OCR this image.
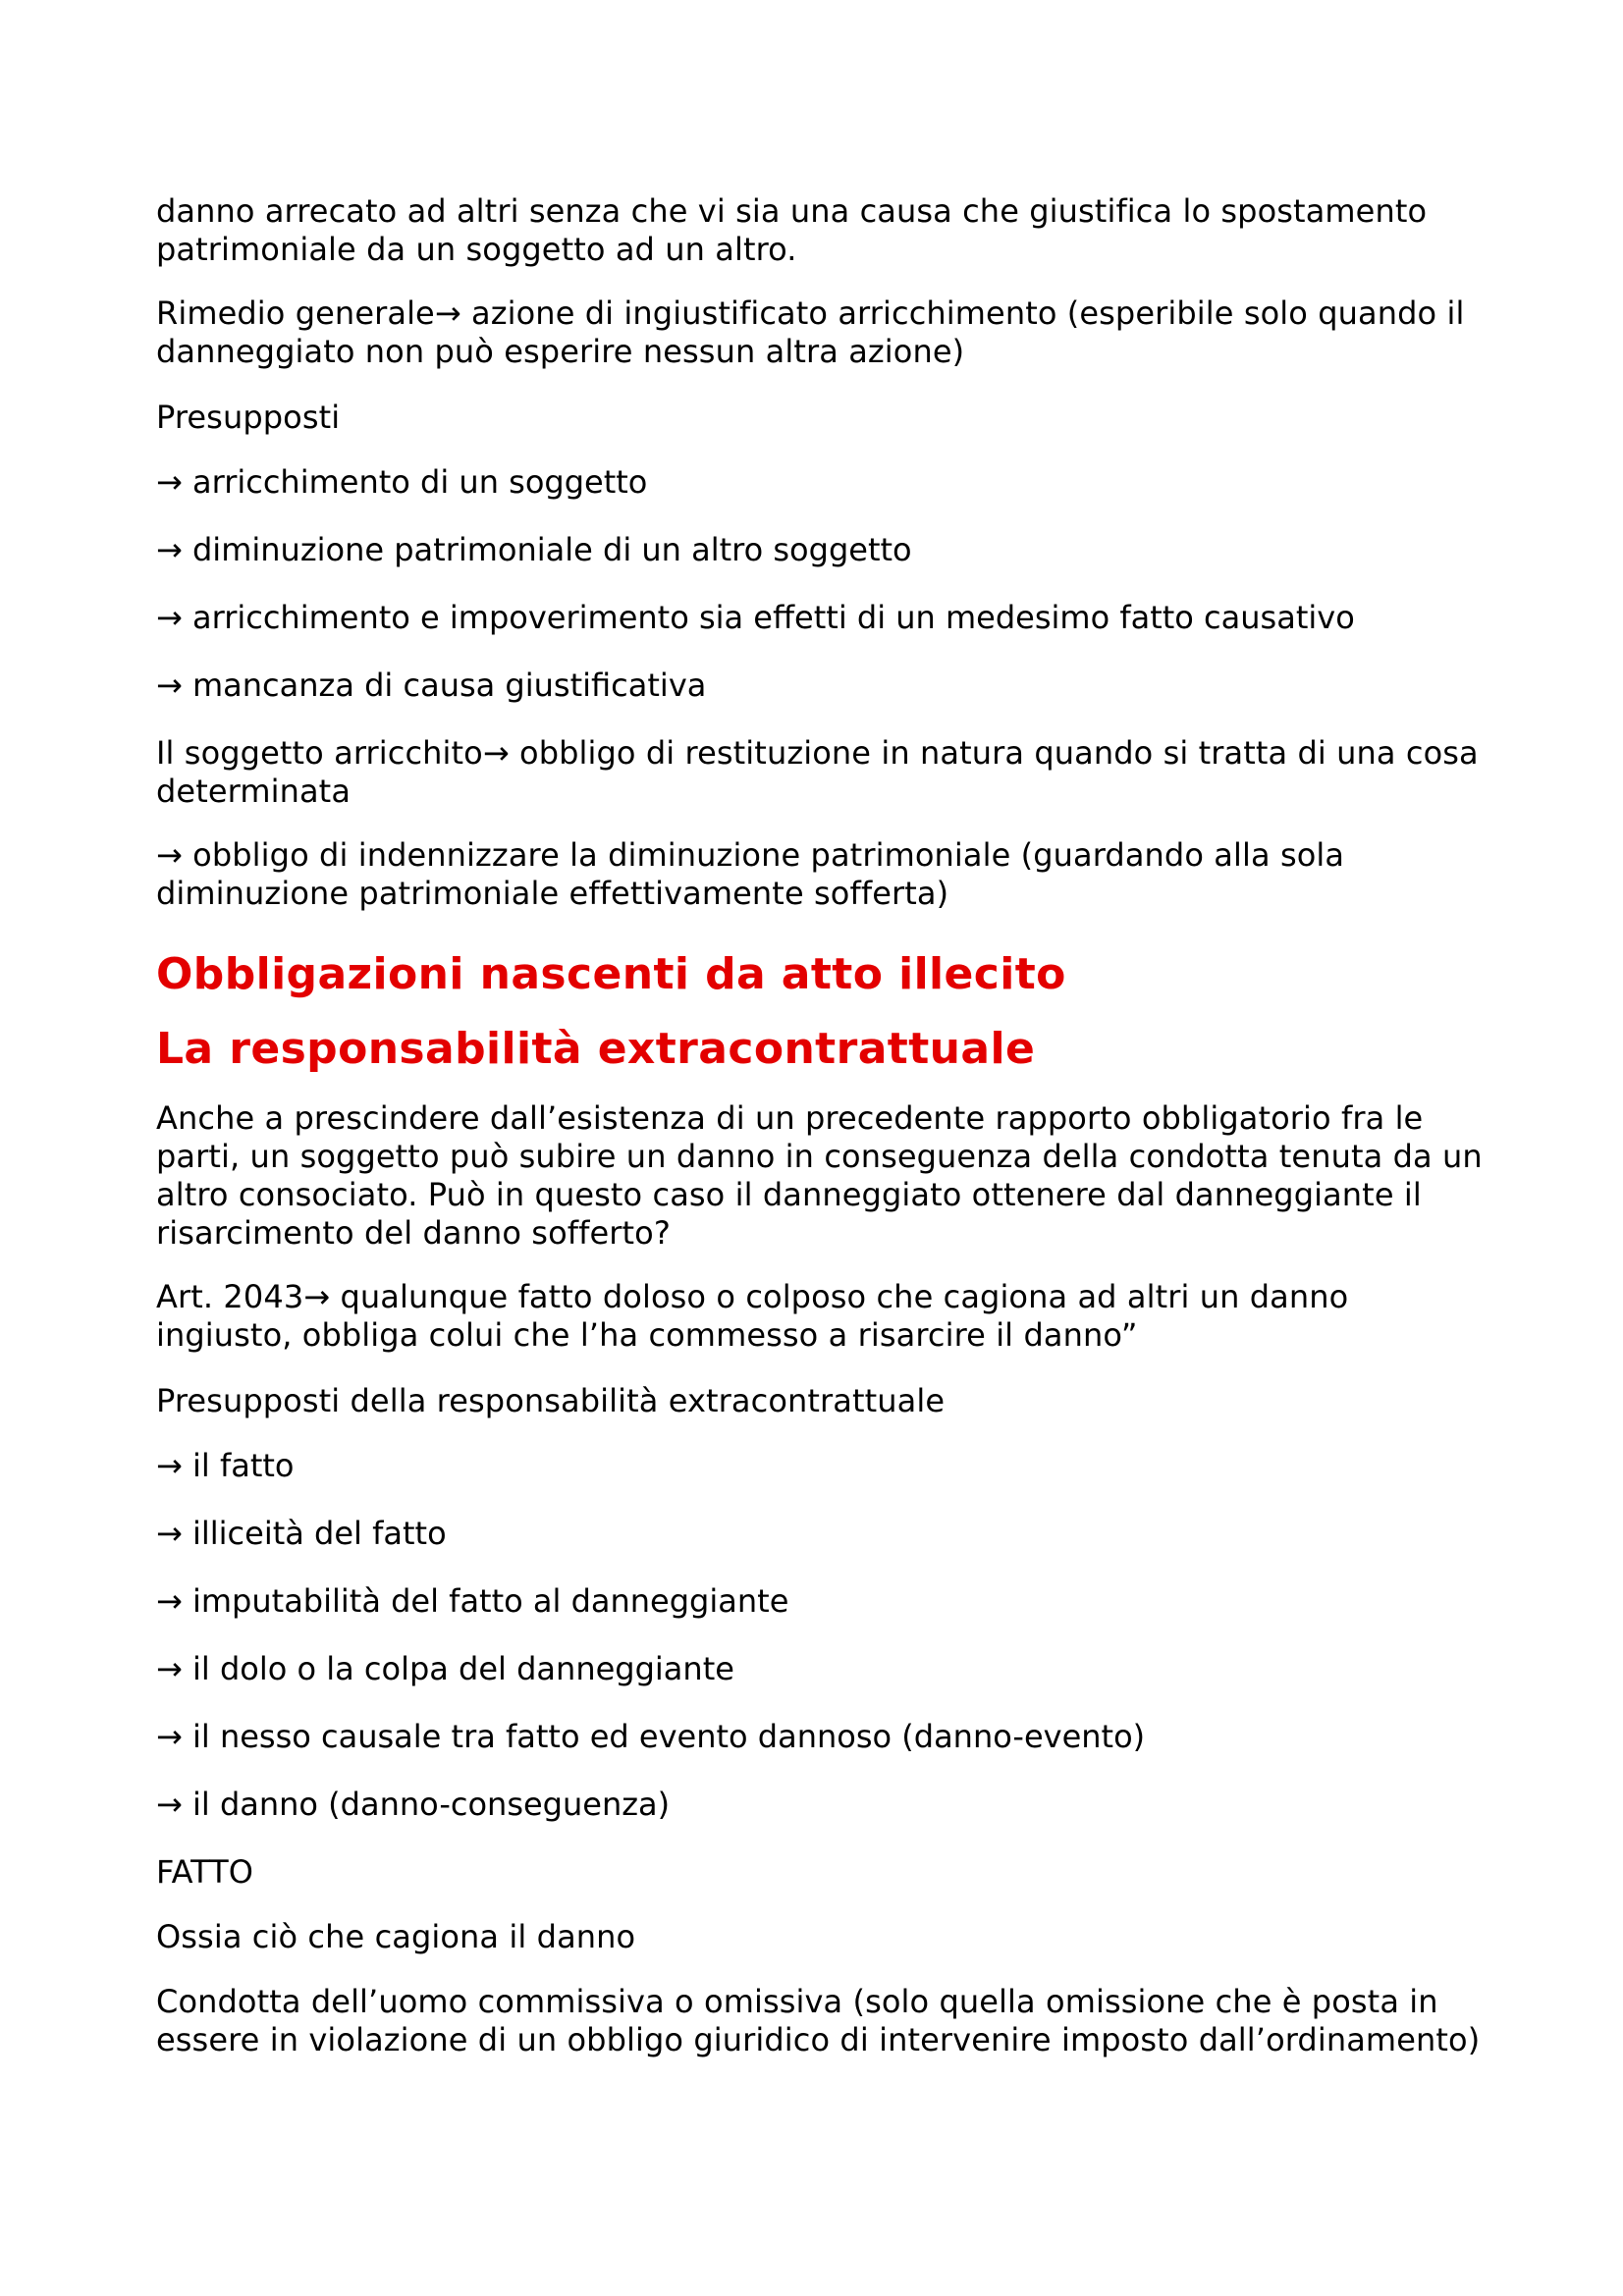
danno arrecato ad altri senza che vi sia una causa che giustifica lo spostamento patrimoniale da un soggetto ad un altro.

Rimedio generale→ azione di ingiustificato arricchimento (esperibile solo quando il danneggiato non può esperire nessun altra azione)

Presupposti

→ arricchimento di un soggetto

→ diminuzione patrimoniale di un altro soggetto

→ arricchimento e impoverimento sia effetti di un medesimo fatto causativo

→ mancanza di causa giustificativa

Il soggetto arricchito→ obbligo di restituzione in natura quando si tratta di una cosa determinata

→ obbligo di indennizzare la diminuzione patrimoniale (guardando alla sola diminuzione patrimoniale effettivamente sofferta)

Obbligazioni nascenti da atto illecito
La responsabilità extracontrattuale

Anche a prescindere dall’esistenza di un precedente rapporto obbligatorio fra le parti, un soggetto può subire un danno in conseguenza della condotta tenuta da un altro consociato. Può in questo caso il danneggiato ottenere dal danneggiante il risarcimento del danno sofferto?

Art. 2043→ qualunque fatto doloso o colposo che cagiona ad altri un danno ingiusto, obbliga colui che l’ha commesso a risarcire il danno”

Presupposti della responsabilità extracontrattuale

→ il fatto

→ illiceità del fatto

→ imputabilità del fatto al danneggiante

→ il dolo o la colpa del danneggiante

→ il nesso causale tra fatto ed evento dannoso (danno-evento)

→ il danno (danno-conseguenza)

FATTO

Ossia ciò che cagiona il danno

Condotta dell’uomo commissiva o omissiva (solo quella omissione che è posta in essere in violazione di un obbligo giuridico di intervenire imposto dall’ordinamento)
